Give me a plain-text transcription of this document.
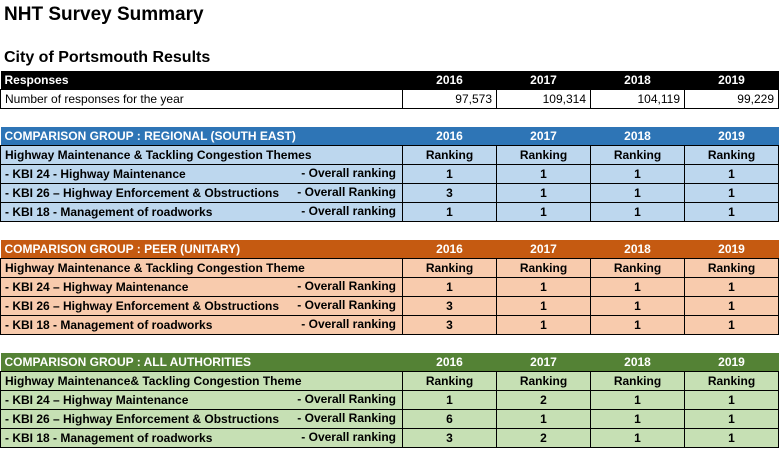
NHT Survey Summary
City of Portsmouth Results
Responses	2016	2017	2018	2019
Number of responses for the year	97,573	109,314	104,119	99,229
COMPARISON GROUP : REGIONAL (SOUTH EAST)	2016	2017	2018	2019
Highway Maintenance & Tackling Congestion Themes	Ranking	Ranking	Ranking	Ranking
- KBI 24 - Highway Maintenance - Overall ranking	1	1	1	1
- KBI 26 – Highway Enforcement & Obstructions - Overall Ranking	3	1	1	1
- KBI 18 - Management of roadworks - Overall ranking	1	1	1	1
COMPARISON GROUP : PEER (UNITARY)	2016	2017	2018	2019
Highway Maintenance & Tackling Congestion Theme	Ranking	Ranking	Ranking	Ranking
- KBI 24 – Highway Maintenance - Overall Ranking	1	1	1	1
- KBI 26 – Highway Enforcement & Obstructions - Overall Ranking	3	1	1	1
- KBI 18 - Management of roadworks - Overall ranking	3	1	1	1
COMPARISON GROUP : ALL AUTHORITIES	2016	2017	2018	2019
Highway Maintenance& Tackling Congestion Theme	Ranking	Ranking	Ranking	Ranking
- KBI 24 – Highway Maintenance - Overall Ranking	1	2	1	1
- KBI 26 – Highway Enforcement & Obstructions - Overall Ranking	6	1	1	1
- KBI 18 - Management of roadworks - Overall ranking	3	2	1	1
